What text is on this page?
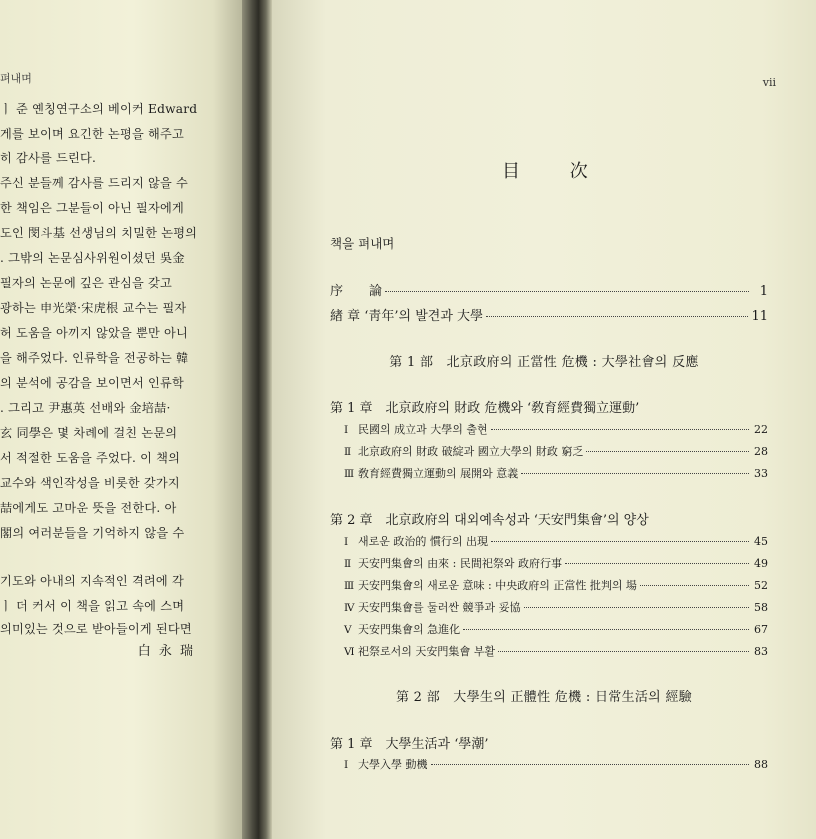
펴내며
ㅣ 준 옌칭연구소의 베이커 Edward
게를 보이며 요긴한 논평을 해주고
히 감사를 드린다.
주신 분들께 감사를 드리지 않을 수
한 책임은 그분들이 아닌 필자에게
도인 閔斗基 선생님의 치밀한 논평의
. 그밖의 논문심사위원이셨던 吳金
필자의 논문에 깊은 관심을 갖고
광하는 申光榮·宋虎根 교수는 필자
허 도움을 아끼지 않았을 뿐만 아니
을 해주었다. 인류학을 전공하는 韓
의 분석에 공감을 보이면서 인류학
. 그리고 尹惠英 선배와 金培喆·
玄 同學은 몇 차례에 걸친 논문의
서 적절한 도움을 주었다. 이 책의
교수와 색인작성을 비롯한 갖가지
喆에게도 고마운 뜻을 전한다. 아
閣의 여러분들을 기억하지 않을 수
기도와 아내의 지속적인 격려에 각
ㅣ 더 커서 이 책을 읽고 속에 스며
의미있는 것으로 받아들이게 된다면
白 永 瑞
vii
目 次
책을 펴내며
序　　論	1
緖 章 ‘靑年’의 발견과 大學	11
第 1 部　北京政府의 正當性 危機 : 大學社會의 反應
第 1 章　北京政府의 財政 危機와 ‘敎育經費獨立運動’
Ⅰ 民國의 成立과 大學의 출현	22
Ⅱ 北京政府의 財政 破綻과 國立大學의 財政 窮乏	28
Ⅲ 敎育經費獨立運動의 展開와 意義	33
第 2 章　北京政府의 대외예속성과 ‘天安門集會’의 양상
Ⅰ 새로운 政治的 慣行의 出現	45
Ⅱ 天安門集會의 由來 : 民間祀祭와 政府行事	49
Ⅲ 天安門集會의 새로운 意味 : 中央政府의 正當性 批判의 場	52
Ⅳ 天安門集會를 둘러싼 競爭과 妥協	58
Ⅴ 天安門集會의 急進化	67
Ⅵ 祀祭로서의 天安門集會 부활	83
第 2 部　大學生의 正體性 危機 : 日常生活의 經驗
第 1 章　大學生活과 ‘學潮’
Ⅰ 大學入學 動機	88
